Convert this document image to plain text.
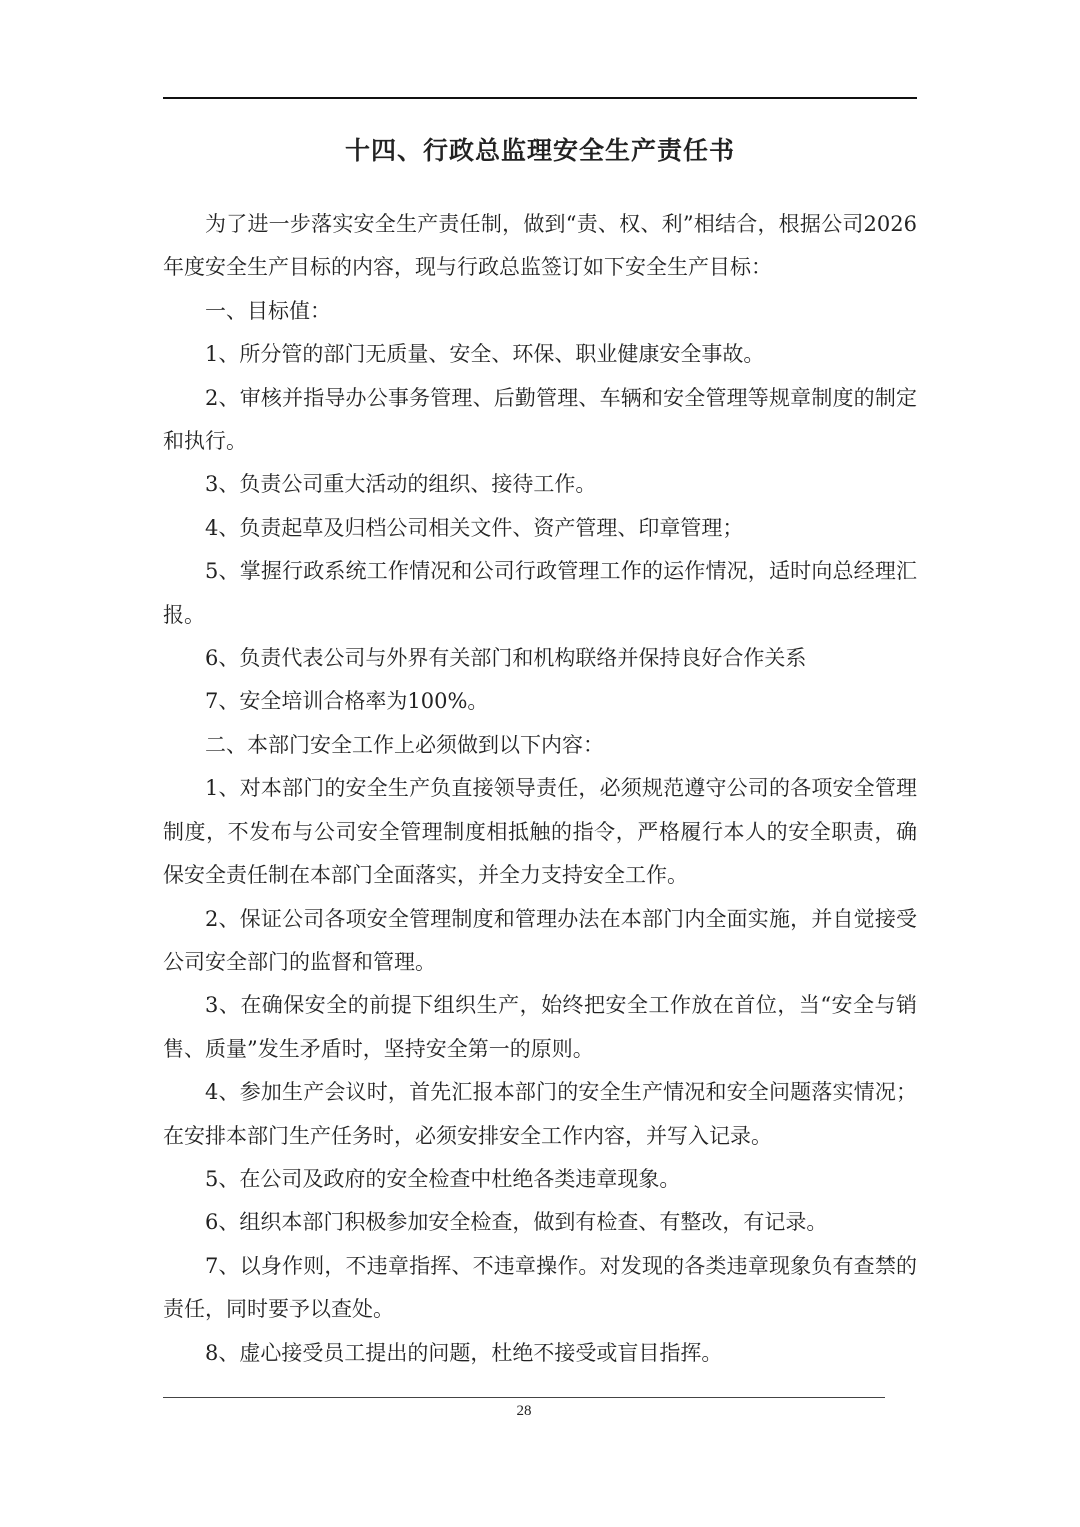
十四、行政总监理安全生产责任书

为了进一步落实安全生产责任制，做到“责、权、利”相结合，根据公司2026年度安全生产目标的内容，现与行政总监签订如下安全生产目标：

一、目标值：

1、所分管的部门无质量、安全、环保、职业健康安全事故。

2、审核并指导办公事务管理、后勤管理、车辆和安全管理等规章制度的制定和执行。

3、负责公司重大活动的组织、接待工作。

4、负责起草及归档公司相关文件、资产管理、印章管理；

5、掌握行政系统工作情况和公司行政管理工作的运作情况，适时向总经理汇报。

6、负责代表公司与外界有关部门和机构联络并保持良好合作关系

7、安全培训合格率为100%。

二、本部门安全工作上必须做到以下内容：

1、对本部门的安全生产负直接领导责任，必须规范遵守公司的各项安全管理制度，不发布与公司安全管理制度相抵触的指令，严格履行本人的安全职责，确保安全责任制在本部门全面落实，并全力支持安全工作。

2、保证公司各项安全管理制度和管理办法在本部门内全面实施，并自觉接受公司安全部门的监督和管理。

3、在确保安全的前提下组织生产，始终把安全工作放在首位，当“安全与销售、质量”发生矛盾时，坚持安全第一的原则。

4、参加生产会议时，首先汇报本部门的安全生产情况和安全问题落实情况；在安排本部门生产任务时，必须安排安全工作内容，并写入记录。

5、在公司及政府的安全检查中杜绝各类违章现象。

6、组织本部门积极参加安全检查，做到有检查、有整改，有记录。

7、以身作则，不违章指挥、不违章操作。对发现的各类违章现象负有查禁的责任，同时要予以查处。

8、虚心接受员工提出的问题，杜绝不接受或盲目指挥。

28
